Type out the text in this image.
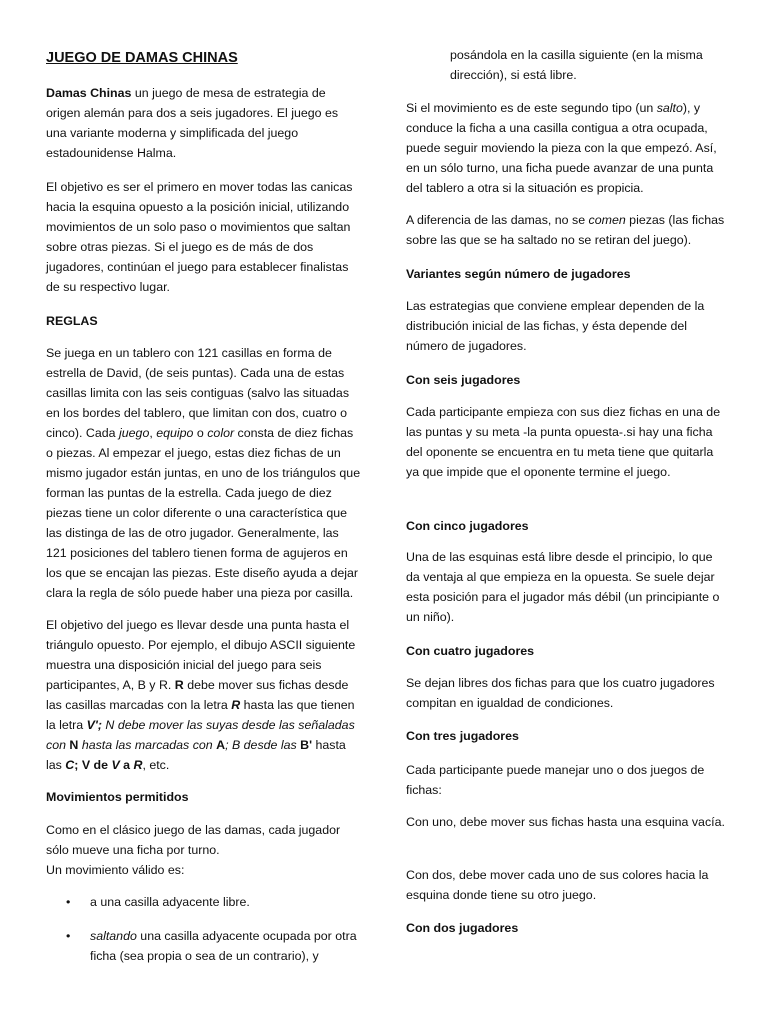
JUEGO DE DAMAS CHINAS

Damas Chinas un juego de mesa de estrategia de origen alemán para dos a seis jugadores. El juego es una variante moderna y simplificada del juego estadounidense Halma.

El objetivo es ser el primero en mover todas las canicas hacia la esquina opuesto a la posición inicial, utilizando movimientos de un solo paso o movimientos que saltan sobre otras piezas. Si el juego es de más de dos jugadores, continúan el juego para establecer finalistas de su respectivo lugar.

REGLAS

Se juega en un tablero con 121 casillas en forma de estrella de David, (de seis puntas). Cada una de estas casillas limita con las seis contiguas (salvo las situadas en los bordes del tablero, que limitan con dos, cuatro o cinco). Cada juego, equipo o color consta de diez fichas o piezas. Al empezar el juego, estas diez fichas de un mismo jugador están juntas, en uno de los triángulos que forman las puntas de la estrella. Cada juego de diez piezas tiene un color diferente o una característica que las distinga de las de otro jugador. Generalmente, las 121 posiciones del tablero tienen forma de agujeros en los que se encajan las piezas. Este diseño ayuda a dejar clara la regla de sólo puede haber una pieza por casilla.

El objetivo del juego es llevar desde una punta hasta el triángulo opuesto. Por ejemplo, el dibujo ASCII siguiente muestra una disposición inicial del juego para seis participantes, A, B y R. R debe mover sus fichas desde las casillas marcadas con la letra R hasta las que tienen la letra V'; N debe mover las suyas desde las señaladas con N hasta las marcadas con A; B desde las B' hasta las C; V de V a R, etc.

Movimientos permitidos

Como en el clásico juego de las damas, cada jugador sólo mueve una ficha por turno.

Un movimiento válido es:

• a una casilla adyacente libre.
• saltando una casilla adyacente ocupada por otra ficha (sea propia o sea de un contrario), y

posándola en la casilla siguiente (en la misma dirección), si está libre.

Si el movimiento es de este segundo tipo (un salto), y conduce la ficha a una casilla contigua a otra ocupada, puede seguir moviendo la pieza con la que empezó. Así, en un sólo turno, una ficha puede avanzar de una punta del tablero a otra si la situación es propicia.

A diferencia de las damas, no se comen piezas (las fichas sobre las que se ha saltado no se retiran del juego).

Variantes según número de jugadores

Las estrategias que conviene emplear dependen de la distribución inicial de las fichas, y ésta depende del número de jugadores.

Con seis jugadores

Cada participante empieza con sus diez fichas en una de las puntas y su meta -la punta opuesta-.si hay una ficha del oponente se encuentra en tu meta tiene que quitarla ya que impide que el oponente termine el juego.

Con cinco jugadores

Una de las esquinas está libre desde el principio, lo que da ventaja al que empieza en la opuesta. Se suele dejar esta posición para el jugador más débil (un principiante o un niño).

Con cuatro jugadores

Se dejan libres dos fichas para que los cuatro jugadores compitan en igualdad de condiciones.

Con tres jugadores

Cada participante puede manejar uno o dos juegos de fichas:

Con uno, debe mover sus fichas hasta una esquina vacía.

Con dos, debe mover cada uno de sus colores hacia la esquina donde tiene su otro juego.

Con dos jugadores
